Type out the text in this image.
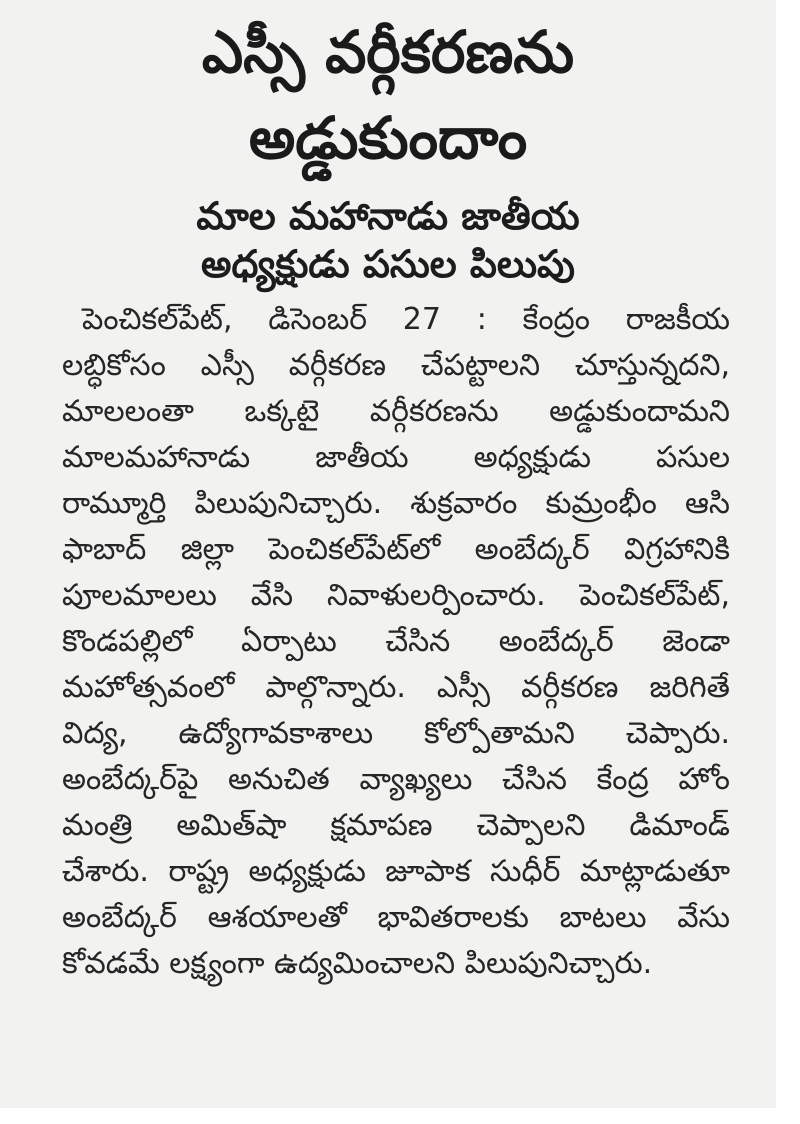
ఎస్సీ వర్గీకరణను
అడ్డుకుందాం
మాల మహానాడు జాతీయ
అధ్యక్షుడు పసుల పిలుపు

పెంచికల్‌పేట్‌, డిసెంబర్‌ 27 : కేంద్రం రాజకీయ

లబ్ధికోసం ఎస్సీ వర్గీకరణ చేపట్టాలని చూస్తున్నదని,

మాలలంతా ఒక్కటై వర్గీకరణను అడ్డుకుందామని

మాలమహానాడు జాతీయ అధ్యక్షుడు పసుల

రామ్మూర్తి పిలుపునిచ్చారు. శుక్రవారం కుమ్రంభీం ఆసి

ఫాబాద్‌ జిల్లా పెంచికల్‌పేట్‌లో అంబేద్కర్‌ విగ్రహానికి

పూలమాలలు వేసి నివాళులర్పించారు. పెంచికల్‌పేట్‌,

కొండపల్లిలో ఏర్పాటు చేసిన అంబేద్కర్‌ జెండా

మహోత్సవంలో పాల్గొన్నారు. ఎస్సీ వర్గీకరణ జరిగితే

విద్య, ఉద్యోగావకాశాలు కోల్పోతామని చెప్పారు.

అంబేద్కర్‌పై అనుచిత వ్యాఖ్యలు చేసిన కేంద్ర హోం

మంత్రి అమిత్‌షా క్షమాపణ చెప్పాలని డిమాండ్‌

చేశారు. రాష్ట్ర అధ్యక్షుడు జూపాక సుధీర్‌ మాట్లాడుతూ

అంబేద్కర్‌ ఆశయాలతో భావితరాలకు బాటలు వేసు

కోవడమే లక్ష్యంగా ఉద్యమించాలని పిలుపునిచ్చారు.
